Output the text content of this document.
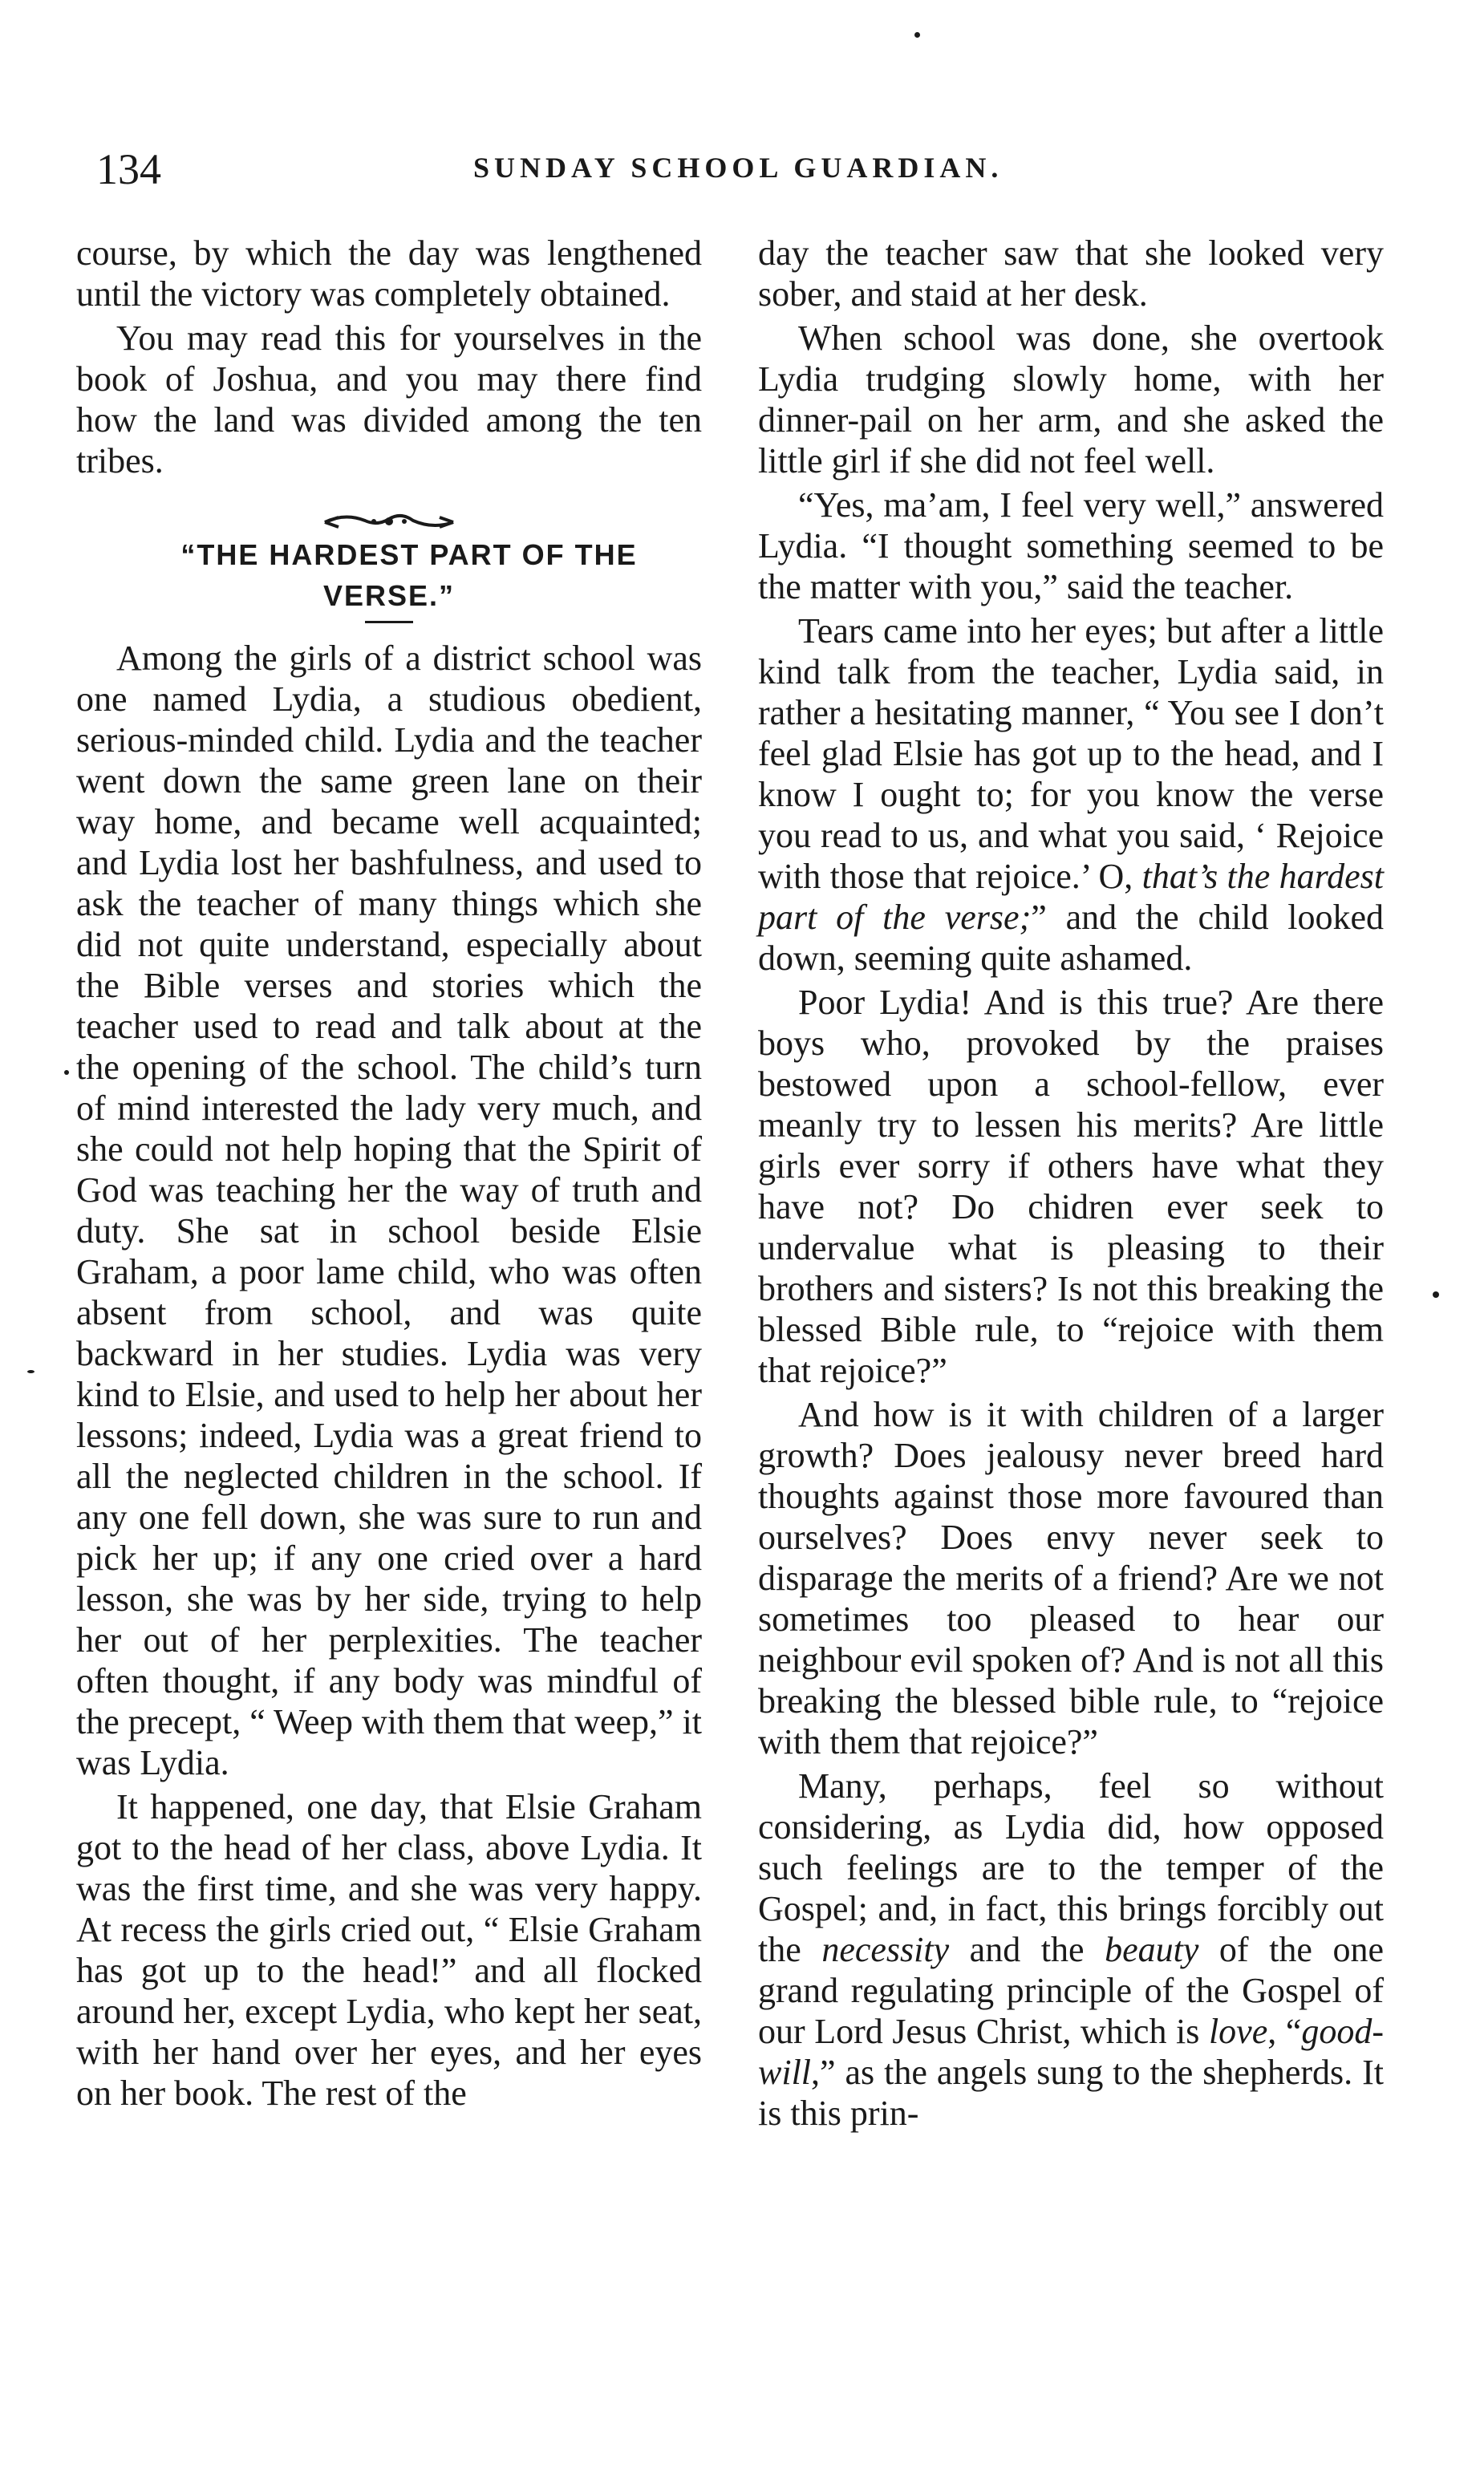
134	SUNDAY SCHOOL GUARDIAN.

course, by which the day was lengthened until the victory was completely obtained.

You may read this for yourselves in the book of Joshua, and you may there find how the land was divided among the ten tribes.

“THE HARDEST PART OF THE VERSE.”

Among the girls of a district school was one named Lydia, a studious obedient, serious-minded child. Lydia and the teacher went down the same green lane on their way home, and became well acquainted; and Lydia lost her bashfulness, and used to ask the teacher of many things which she did not quite understand, especially about the Bible verses and stories which the teacher used to read and talk about at the the opening of the school. The child’s turn of mind interested the lady very much, and she could not help hoping that the Spirit of God was teaching her the way of truth and duty. She sat in school beside Elsie Graham, a poor lame child, who was often absent from school, and was quite backward in her studies. Lydia was very kind to Elsie, and used to help her about her lessons; indeed, Lydia was a great friend to all the neglected children in the school. If any one fell down, she was sure to run and pick her up; if any one cried over a hard lesson, she was by her side, trying to help her out of her perplexities. The teacher often thought, if any body was mindful of the precept, “ Weep with them that weep,” it was Lydia.

It happened, one day, that Elsie Graham got to the head of her class, above Lydia. It was the first time, and she was very happy. At recess the girls cried out, “ Elsie Graham has got up to the head!” and all flocked around her, except Lydia, who kept her seat, with her hand over her eyes, and her eyes on her book. The rest of the

day the teacher saw that she looked very sober, and staid at her desk.

When school was done, she overtook Lydia trudging slowly home, with her dinner-pail on her arm, and she asked the little girl if she did not feel well.

“Yes, ma’am, I feel very well,” answered Lydia. “I thought something seemed to be the matter with you,” said the teacher.

Tears came into her eyes; but after a little kind talk from the teacher, Lydia said, in rather a hesitating manner, “ You see I don’t feel glad Elsie has got up to the head, and I know I ought to; for you know the verse you read to us, and what you said, ‘ Rejoice with those that rejoice.’ O, that’s the hardest part of the verse;” and the child looked down, seeming quite ashamed.

Poor Lydia! And is this true? Are there boys who, provoked by the praises bestowed upon a school-fellow, ever meanly try to lessen his merits? Are little girls ever sorry if others have what they have not? Do chidren ever seek to undervalue what is pleasing to their brothers and sisters? Is not this breaking the blessed Bible rule, to “rejoice with them that rejoice?”

And how is it with children of a larger growth? Does jealousy never breed hard thoughts against those more favoured than ourselves? Does envy never seek to disparage the merits of a friend? Are we not sometimes too pleased to hear our neighbour evil spoken of? And is not all this breaking the blessed bible rule, to “rejoice with them that rejoice?”

Many, perhaps, feel so without considering, as Lydia did, how opposed such feelings are to the temper of the Gospel; and, in fact, this brings forcibly out the necessity and the beauty of the one grand regulating principle of the Gospel of our Lord Jesus Christ, which is love, “good-will,” as the angels sung to the shepherds. It is this prin-
